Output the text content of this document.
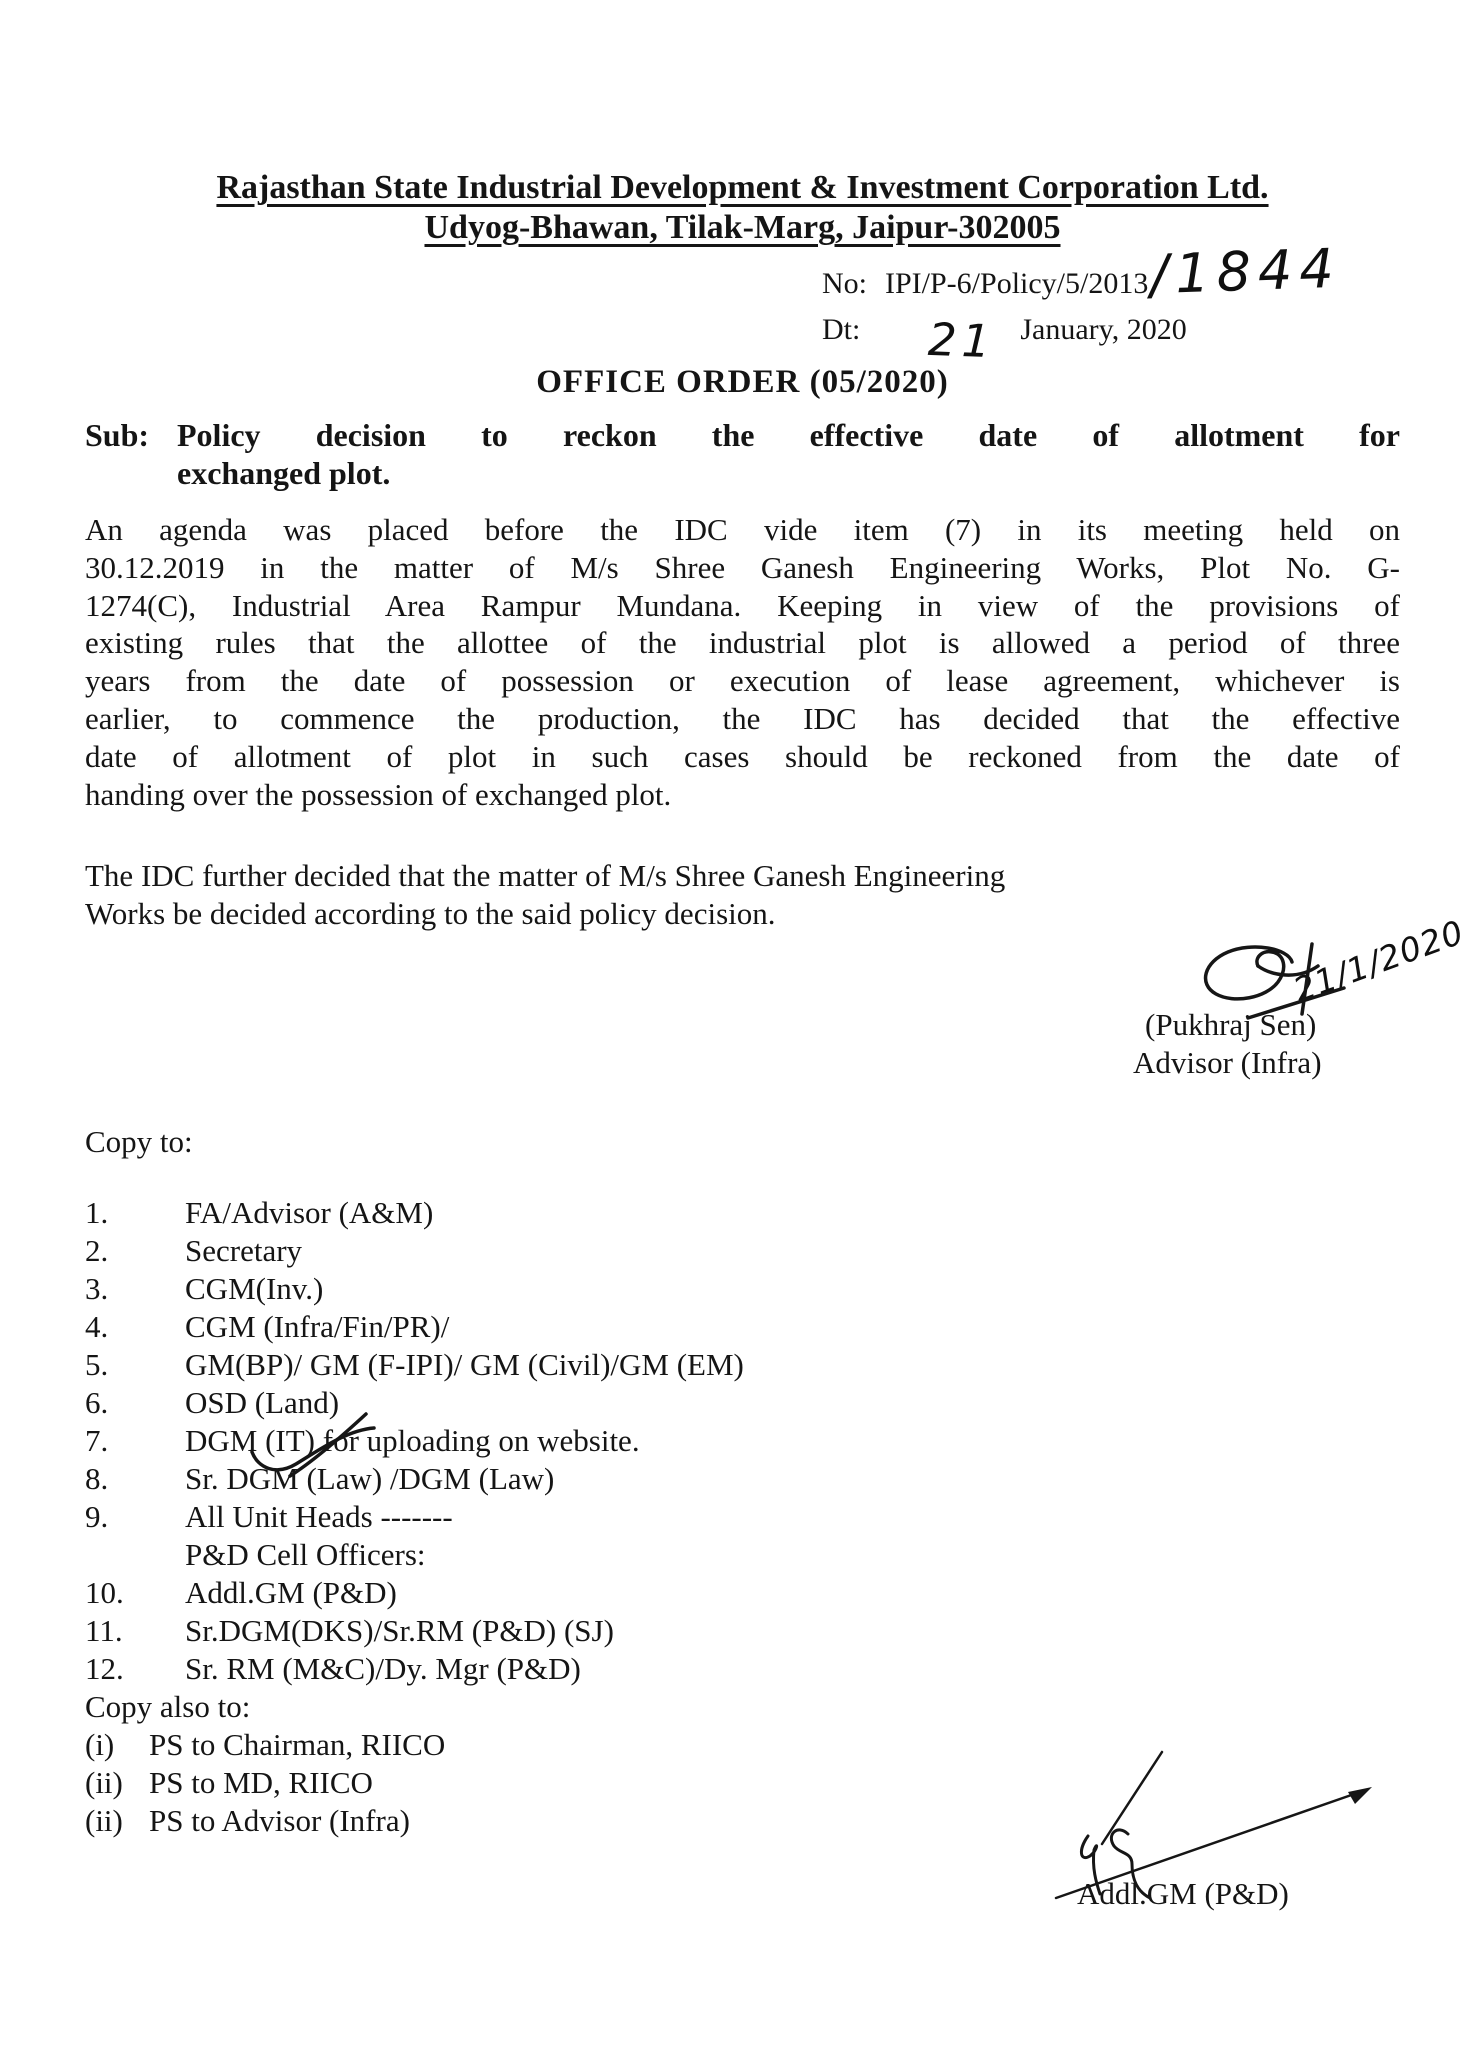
Rajasthan State Industrial Development & Investment Corporation Ltd.
Udyog-Bhawan, Tilak-Marg, Jaipur-302005
No: IPI/P-6/Policy/5/2013
Dt:	January, 2020
OFFICE ORDER (05/2020)
Sub: Policy decision to reckon the effective date of allotment for
exchanged plot.
An agenda was placed before the IDC vide item (7) in its meeting held on
30.12.2019 in the matter of M/s Shree Ganesh Engineering Works, Plot No. G-
1274(C), Industrial Area Rampur Mundana. Keeping in view of the provisions of
existing rules that the allottee of the industrial plot is allowed a period of three
years from the date of possession or execution of lease agreement, whichever is
earlier, to commence the production, the IDC has decided that the effective
date of allotment of plot in such cases should be reckoned from the date of
handing over the possession of exchanged plot.
The IDC further decided that the matter of M/s Shree Ganesh Engineering
Works be decided according to the said policy decision.
(Pukhraj Sen)
Advisor (Infra)
Copy to:
1.	FA/Advisor (A&M)
2.	Secretary
3.	CGM(Inv.)
4.	CGM (Infra/Fin/PR)/
5.	GM(BP)/ GM (F-IPI)/ GM (Civil)/GM (EM)
6.	OSD (Land)
7.	DGM (IT) for uploading on website.
8.	Sr. DGM (Law) /DGM (Law)
9.	All Unit Heads -------
P&D Cell Officers:
10.	Addl.GM (P&D)
11.	Sr.DGM(DKS)/Sr.RM (P&D) (SJ)
12.	Sr. RM (M&C)/Dy. Mgr (P&D)
Copy also to:
(i)	PS to Chairman, RIICO
(ii) PS to MD, RIICO
(ii) PS to Advisor (Infra)
Addl.GM (P&D)
/1844
21
21/1/2020
